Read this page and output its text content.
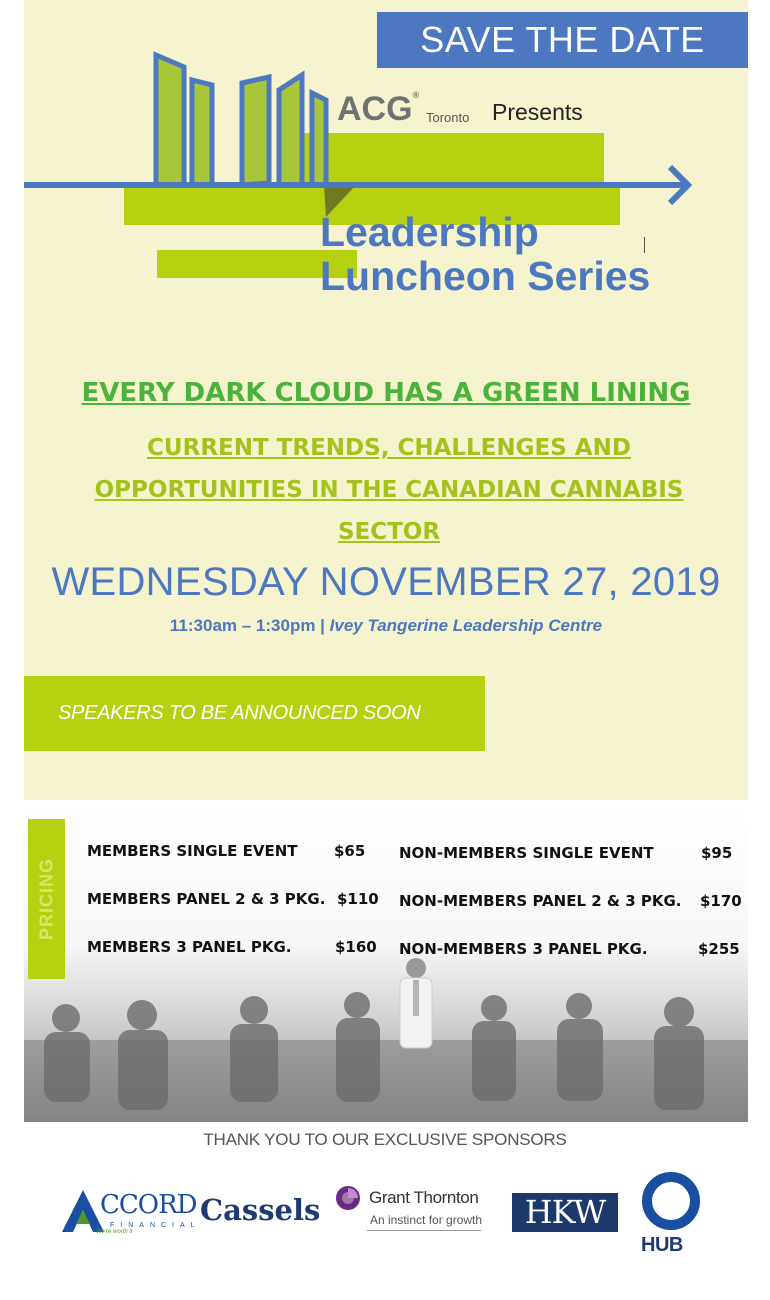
SAVE THE DATE
ACG®
Toronto Presents
Leadership
Luncheon Series
EVERY DARK CLOUD HAS A GREEN LINING
CURRENT TRENDS, CHALLENGES AND
OPPORTUNITIES IN THE CANADIAN CANNABIS
SECTOR
WEDNESDAY NOVEMBER 27, 2019
11:30am – 1:30pm | Ivey Tangerine Leadership Centre
SPEAKERS TO BE ANNOUNCED SOON
PRICING
MEMBERS SINGLE EVENT $65
MEMBERS PANEL 2 & 3 PKG. $110
MEMBERS 3 PANEL PKG.	$160
NON-MEMBERS SINGLE EVENT	$95
NON-MEMBERS PANEL 2 & 3 PKG. $170
NON-MEMBERS 3 PANEL PKG.	$255
THANK YOU TO OUR EXCLUSIVE SPONSORS
CCORD
FINANCIAL
We're worth it
Cassels	Grant Thornton
An instinct for growth	HKW
HUB
